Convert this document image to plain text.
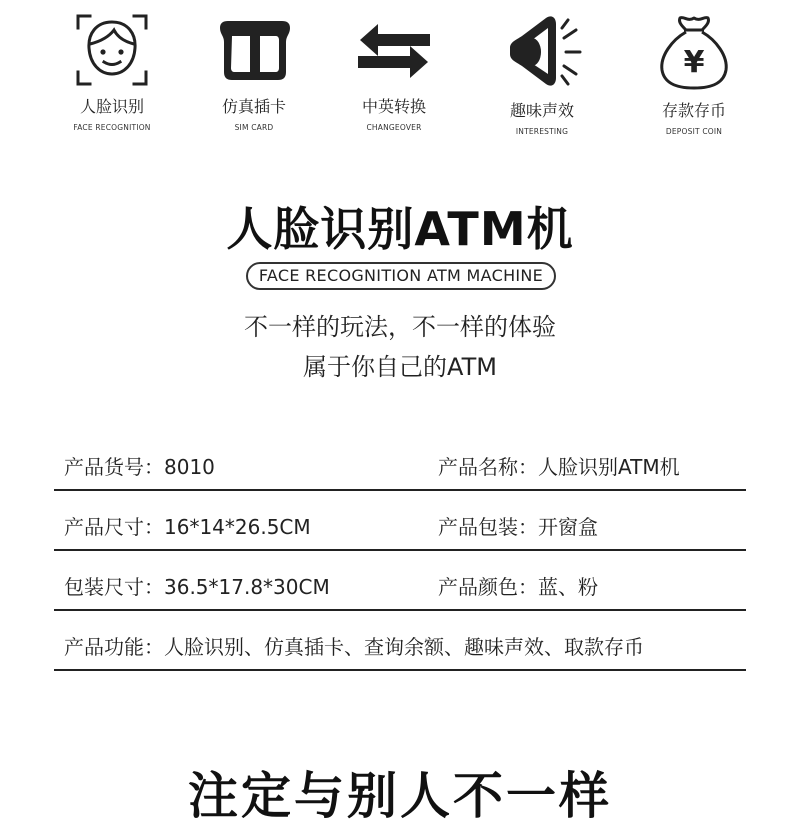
人脸识别
FACE RECOGNITION
仿真插卡
SIM CARD
中英转换
CHANGEOVER
趣味声效
INTERESTING
¥
存款存币
DEPOSIT COIN
人脸识别ATM机
FACE RECOGNITION ATM MACHINE
不一样的玩法，不一样的体验
属于你自己的ATM
产品货号：8010	产品名称：人脸识别ATM机
产品尺寸：16*14*26.5CM	产品包装：开窗盒
包装尺寸：36.5*17.8*30CM	产品颜色：蓝、粉
产品功能：人脸识别、仿真插卡、查询余额、趣味声效、取款存币
注定与别人不一样
